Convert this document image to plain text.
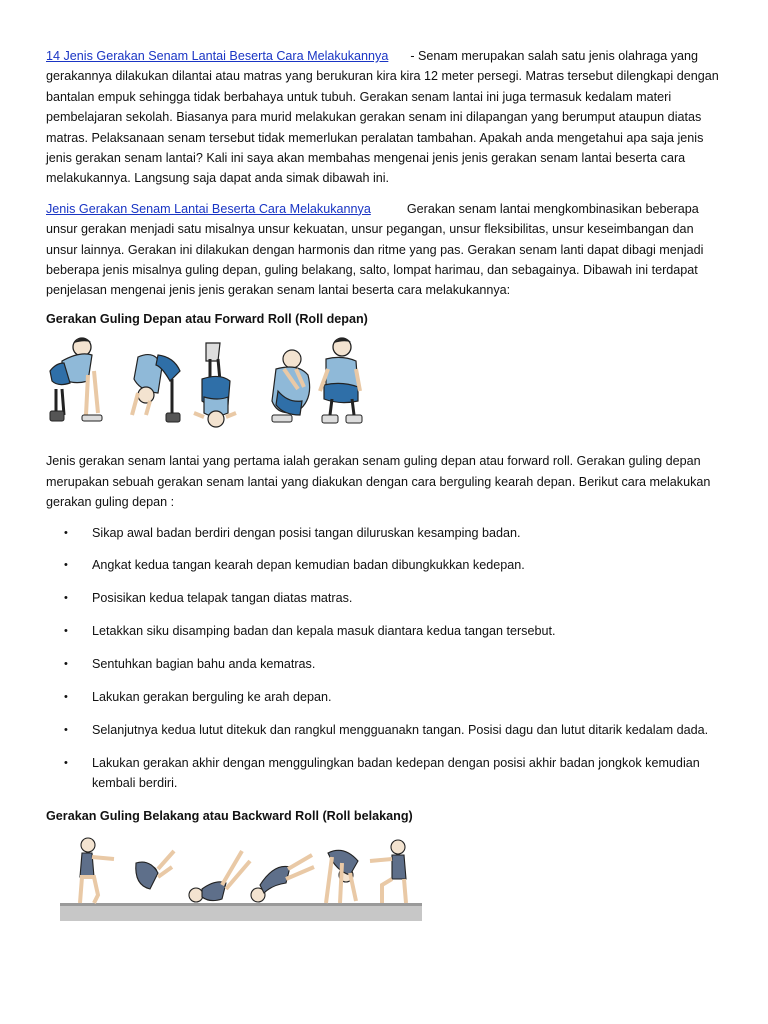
14 Jenis Gerakan Senam Lantai Beserta Cara Melakukannya - Senam merupakan salah satu jenis olahraga yang gerakannya dilakukan dilantai atau matras yang berukuran kira kira 12 meter persegi. Matras tersebut dilengkapi dengan bantalan empuk sehingga tidak berbahaya untuk tubuh. Gerakan senam lantai ini juga termasuk kedalam materi pembelajaran sekolah. Biasanya para murid melakukan gerakan senam ini dilapangan yang berumput ataupun diatas matras. Pelaksanaan senam tersebut tidak memerlukan peralatan tambahan. Apakah anda mengetahui apa saja jenis jenis gerakan senam lantai? Kali ini saya akan membahas mengenai jenis jenis gerakan senam lantai beserta cara melakukannya. Langsung saja dapat anda simak dibawah ini.

Jenis Gerakan Senam Lantai Beserta Cara Melakukannya	Gerakan senam lantai mengkombinasikan beberapa unsur gerakan menjadi satu misalnya unsur kekuatan, unsur pegangan, unsur fleksibilitas, unsur keseimbangan dan unsur lainnya. Gerakan ini dilakukan dengan harmonis dan ritme yang pas. Gerakan senam lanti dapat dibagi menjadi beberapa jenis misalnya guling depan, guling belakang, salto, lompat harimau, dan sebagainya. Dibawah ini terdapat penjelasan mengenai jenis jenis gerakan senam lantai beserta cara melakukannya:

Gerakan Guling Depan atau Forward Roll (Roll depan)

Jenis gerakan senam lantai yang pertama ialah gerakan senam guling depan atau forward roll. Gerakan guling depan merupakan sebuah gerakan senam lantai yang diakukan dengan cara berguling kearah depan. Berikut cara melakukan gerakan guling depan :

• Sikap awal badan berdiri dengan posisi tangan diluruskan kesamping badan.
• Angkat kedua tangan kearah depan kemudian badan dibungkukkan kedepan.
• Posisikan kedua telapak tangan diatas matras.
• Letakkan siku disamping badan dan kepala masuk diantara kedua tangan tersebut.
• Sentuhkan bagian bahu anda kematras.
• Lakukan gerakan berguling ke arah depan.
• Selanjutnya kedua lutut ditekuk dan rangkul mengguanakn tangan. Posisi dagu dan lutut ditarik kedalam dada.
• Lakukan gerakan akhir dengan menggulingkan badan kedepan dengan posisi akhir badan jongkok kemudian kembali berdiri.

Gerakan Guling Belakang atau Backward Roll (Roll belakang)
